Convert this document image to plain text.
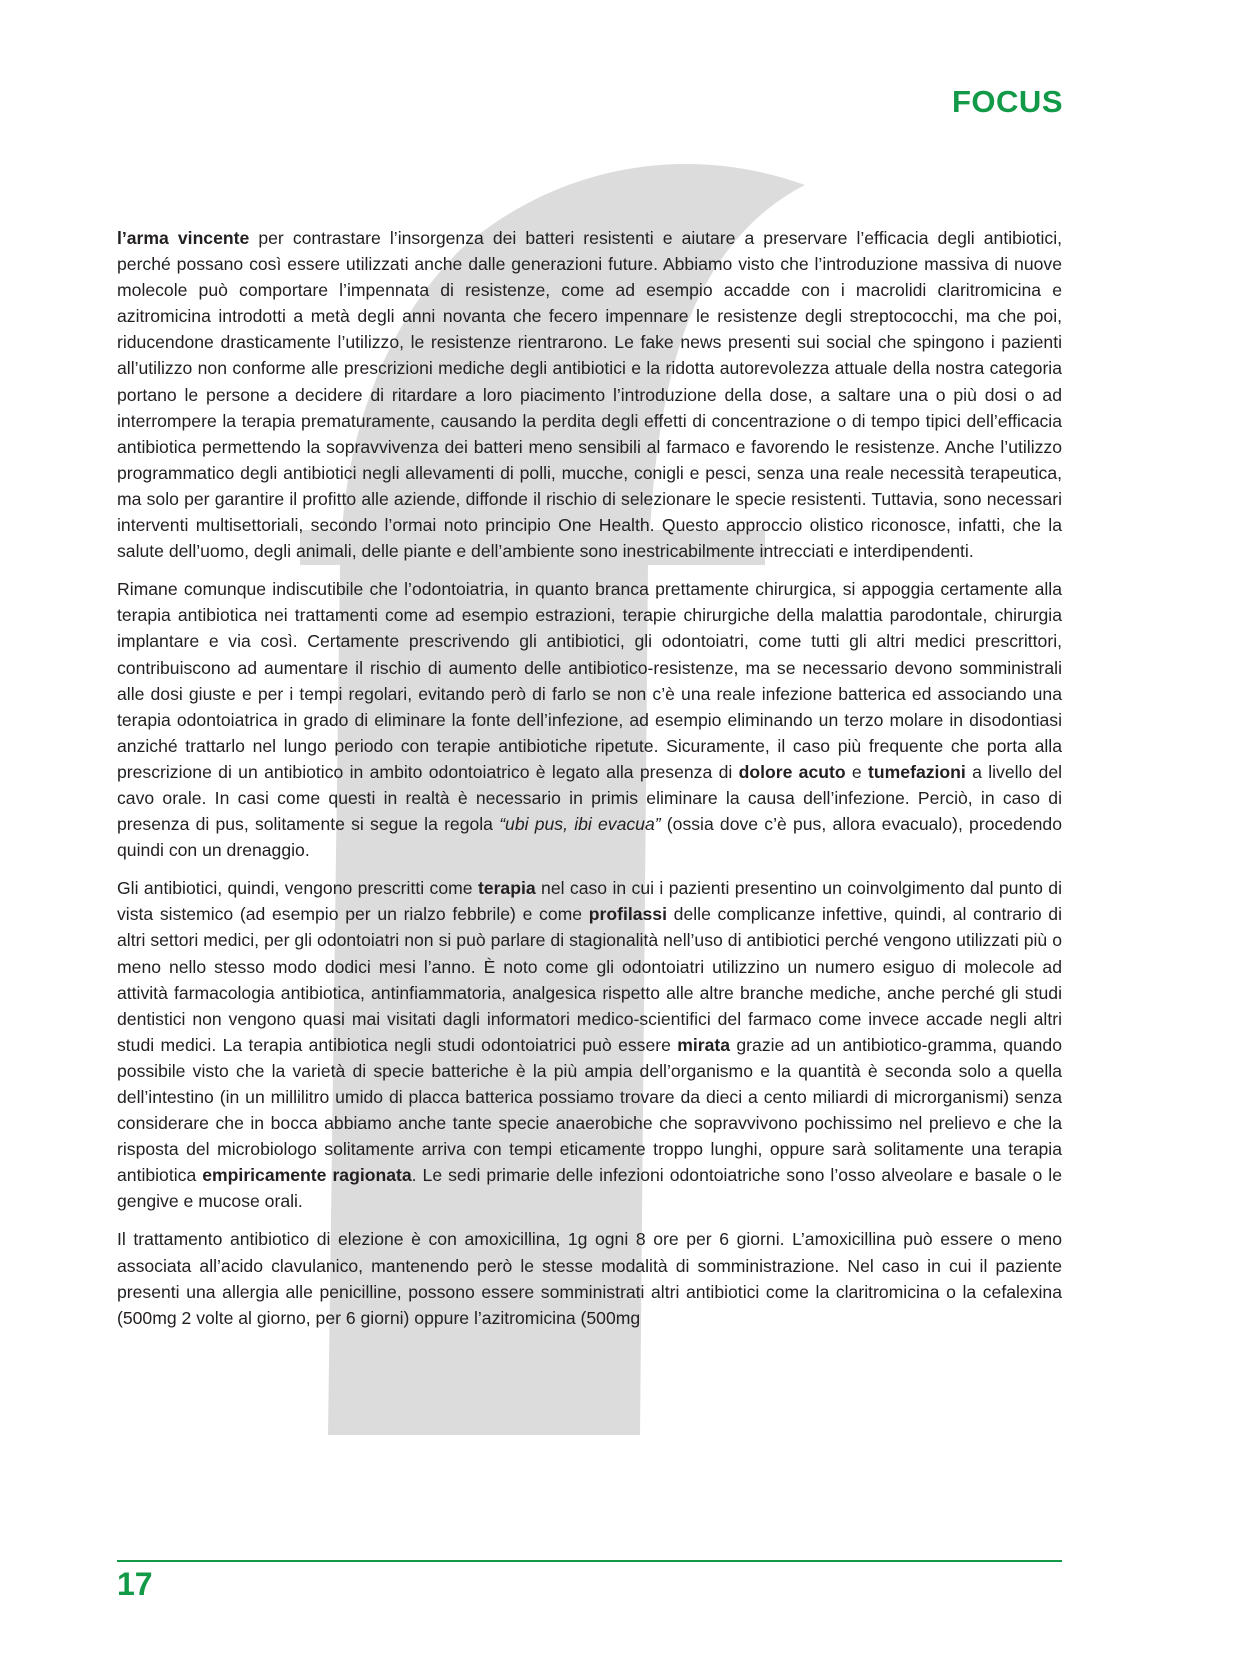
FOCUS

l’arma vincente per contrastare l’insorgenza dei batteri resistenti e aiutare a preservare l’efficacia degli antibiotici, perché possano così essere utilizzati anche dalle generazioni future. Abbiamo visto che l’introduzione massiva di nuove molecole può comportare l’impennata di resistenze, come ad esempio accadde con i macrolidi claritromicina e azitromicina introdotti a metà degli anni novanta che fecero impennare le resistenze degli streptococchi, ma che poi, riducendone drasticamente l’utilizzo, le resistenze rientrarono. Le fake news presenti sui social che spingono i pazienti all’utilizzo non conforme alle prescrizioni mediche degli antibiotici e la ridotta autorevolezza attuale della nostra categoria portano le persone a decidere di ritardare a loro piacimento l’introduzione della dose, a saltare una o più dosi o ad interrompere la terapia prematuramente, causando la perdita degli effetti di concentrazione o di tempo tipici dell’efficacia antibiotica permettendo la sopravvivenza dei batteri meno sensibili al farmaco e favorendo le resistenze. Anche l’utilizzo programmatico degli antibiotici negli allevamenti di polli, mucche, conigli e pesci, senza una reale necessità terapeutica, ma solo per garantire il profitto alle aziende, diffonde il rischio di selezionare le specie resistenti. Tuttavia, sono necessari interventi multisettoriali, secondo l’ormai noto principio One Health. Questo approccio olistico riconosce, infatti, che la salute dell’uomo, degli animali, delle piante e dell’ambiente sono inestricabilmente intrecciati e interdipendenti.

Rimane comunque indiscutibile che l’odontoiatria, in quanto branca prettamente chirurgica, si appoggia certamente alla terapia antibiotica nei trattamenti come ad esempio estrazioni, terapie chirurgiche della malattia parodontale, chirurgia implantare e via così. Certamente prescrivendo gli antibiotici, gli odontoiatri, come tutti gli altri medici prescrittori, contribuiscono ad aumentare il rischio di aumento delle antibiotico-resistenze, ma se necessario devono somministrali alle dosi giuste e per i tempi regolari, evitando però di farlo se non c’è una reale infezione batterica ed associando una terapia odontoiatrica in grado di eliminare la fonte dell’infezione, ad esempio eliminando un terzo molare in disodontiasi anziché trattarlo nel lungo periodo con terapie antibiotiche ripetute. Sicuramente, il caso più frequente che porta alla prescrizione di un antibiotico in ambito odontoiatrico è legato alla presenza di dolore acuto e tumefazioni a livello del cavo orale. In casi come questi in realtà è necessario in primis eliminare la causa dell’infezione. Perciò, in caso di presenza di pus, solitamente si segue la regola “ubi pus, ibi evacua” (ossia dove c’è pus, allora evacualo), procedendo quindi con un drenaggio.

Gli antibiotici, quindi, vengono prescritti come terapia nel caso in cui i pazienti presentino un coinvolgimento dal punto di vista sistemico (ad esempio per un rialzo febbrile) e come profilassi delle complicanze infettive, quindi, al contrario di altri settori medici, per gli odontoiatri non si può parlare di stagionalità nell’uso di antibiotici perché vengono utilizzati più o meno nello stesso modo dodici mesi l’anno. È noto come gli odontoiatri utilizzino un numero esiguo di molecole ad attività farmacologia antibiotica, antinfiammatoria, analgesica rispetto alle altre branche mediche, anche perché gli studi dentistici non vengono quasi mai visitati dagli informatori medico-scientifici del farmaco come invece accade negli altri studi medici. La terapia antibiotica negli studi odontoiatrici può essere mirata grazie ad un antibiotico-gramma, quando possibile visto che la varietà di specie batteriche è la più ampia dell’organismo e la quantità è seconda solo a quella dell’intestino (in un millilitro umido di placca batterica possiamo trovare da dieci a cento miliardi di microrganismi) senza considerare che in bocca abbiamo anche tante specie anaerobiche che sopravvivono pochissimo nel prelievo e che la risposta del microbiologo solitamente arriva con tempi eticamente troppo lunghi, oppure sarà solitamente una terapia antibiotica empiricamente ragionata. Le sedi primarie delle infezioni odontoiatriche sono l’osso alveolare e basale o le gengive e mucose orali.

Il trattamento antibiotico di elezione è con amoxicillina, 1g ogni 8 ore per 6 giorni. L’amoxicillina può essere o meno associata all’acido clavulanico, mantenendo però le stesse modalità di somministrazione. Nel caso in cui il paziente presenti una allergia alle penicilline, possono essere somministrati altri antibiotici come la claritromicina o la cefalexina (500mg 2 volte al giorno, per 6 giorni) oppure l’azitromicina (500mg

17
